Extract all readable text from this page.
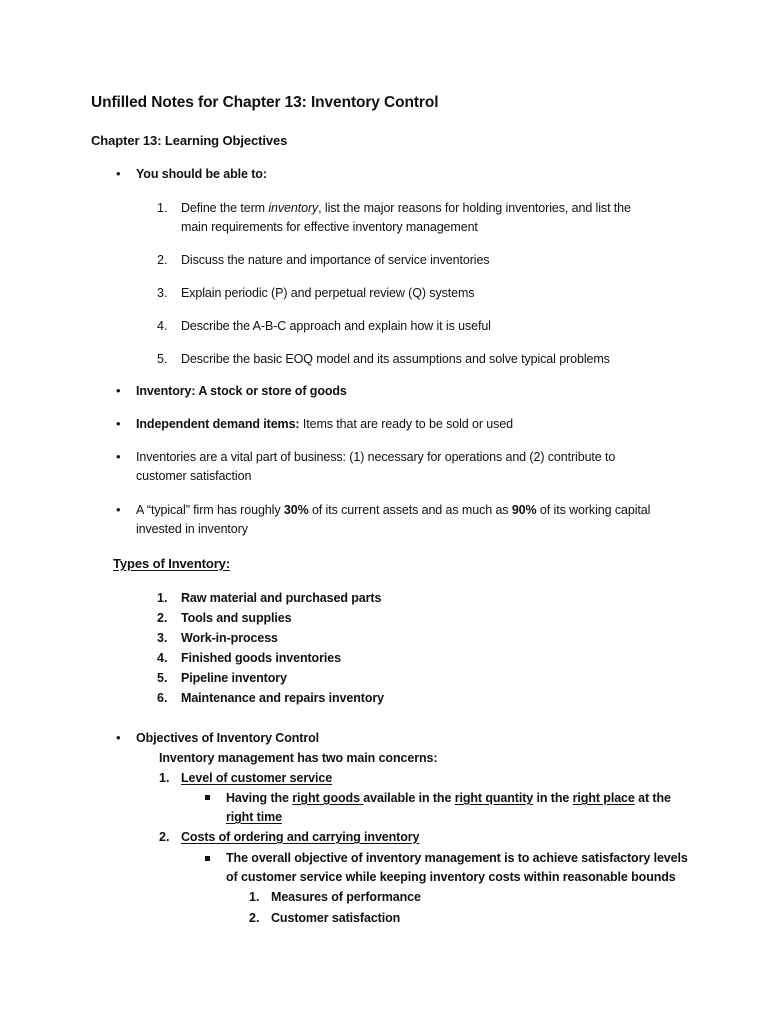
Unfilled Notes for Chapter 13: Inventory Control
Chapter 13: Learning Objectives
• You should be able to:
1. Define the term inventory, list the major reasons for holding inventories, and list the
main requirements for effective inventory management
2. Discuss the nature and importance of service inventories
3. Explain periodic (P) and perpetual review (Q) systems
4. Describe the A-B-C approach and explain how it is useful
5. Describe the basic EOQ model and its assumptions and solve typical problems
• Inventory: A stock or store of goods
• Independent demand items: Items that are ready to be sold or used
• Inventories are a vital part of business: (1) necessary for operations and (2) contribute to
customer satisfaction
• A “typical” firm has roughly 30% of its current assets and as much as 90% of its working capital
invested in inventory
Types of Inventory:
1. Raw material and purchased parts
2. Tools and supplies
3. Work-in-process
4. Finished goods inventories
5. Pipeline inventory
6. Maintenance and repairs inventory
• Objectives of Inventory Control
Inventory management has two main concerns:
1. Level of customer service
Having the right goods available in the right quantity in the right place at the
right time
2. Costs of ordering and carrying inventory
The overall objective of inventory management is to achieve satisfactory levels
of customer service while keeping inventory costs within reasonable bounds
1. Measures of performance
2. Customer satisfaction
